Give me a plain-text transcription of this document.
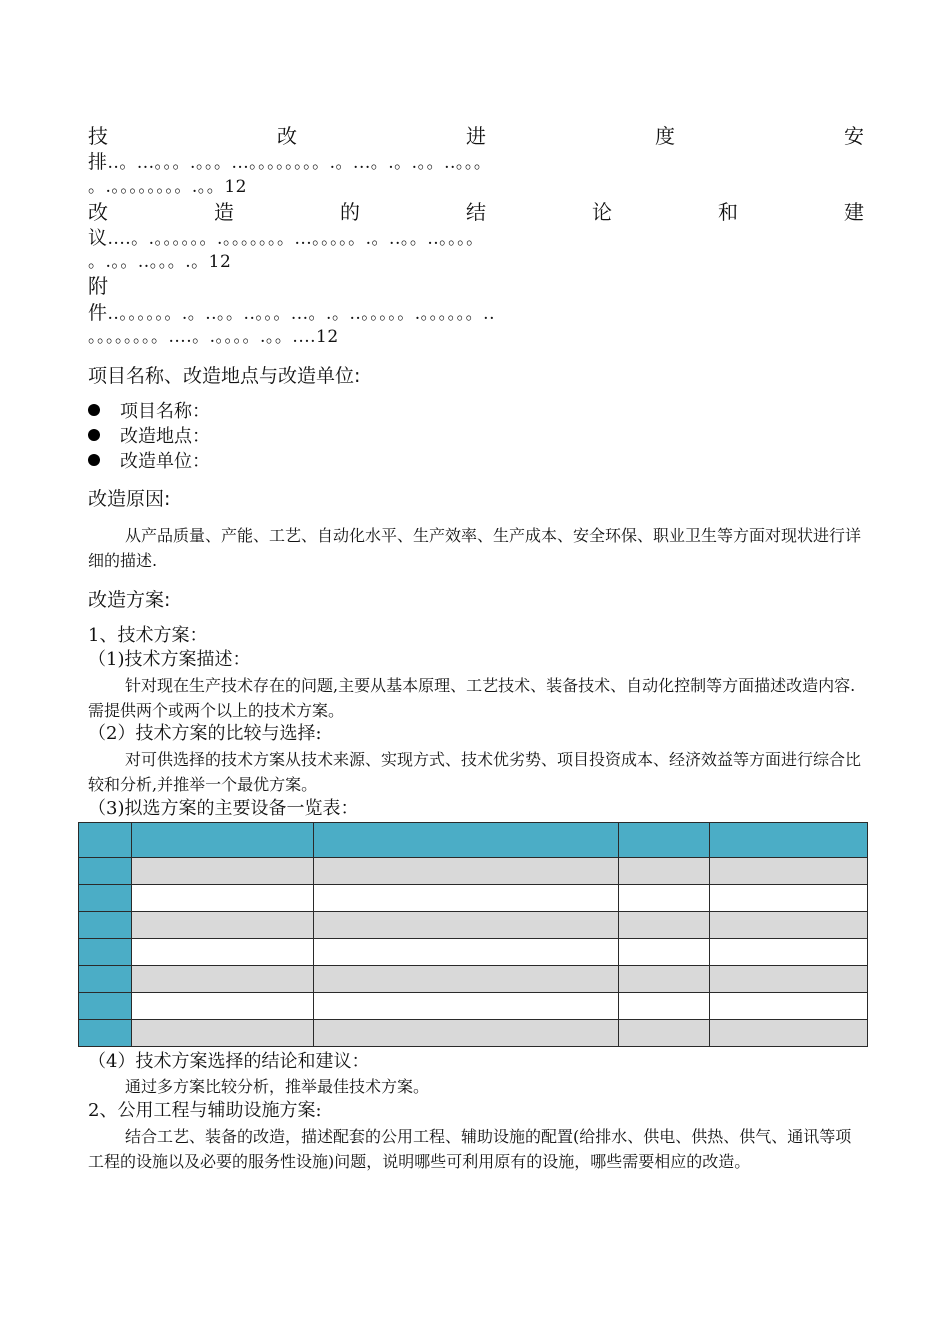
技	改	进	度	安
排..。...。。。.。。。...。。。。。。。。.。...。.。.。。..。。。
。.。。。。。。。。.。。12
改	造	的	结	论	和	建
议....。.。。。。。。.。。。。。。。...。。。。。.。..。。..。。。。
。.。。..。。。.。12
附
件..。。。。。。.。..。。..。。。...。.。..。。。。。.。。。。。。..
。。。。。。。。....。.。。。。.。。....12
项目名称、改造地点与改造单位:
项目名称：
改造地点：
改造单位：
改造原因:
从产品质量、产能、工艺、自动化水平、生产效率、生产成本、安全环保、职业卫生等方面对现状进行详细的描述.
改造方案:
1、技术方案：
（1)技术方案描述：
针对现在生产技术存在的问题,主要从基本原理、工艺技术、装备技术、自动化控制等方面描述改造内容.需提供两个或两个以上的技术方案。
（2）技术方案的比较与选择:
对可供选择的技术方案从技术来源、实现方式、技术优劣势、项目投资成本、经济效益等方面进行综合比较和分析,并推举一个最优方案。
（3)拟选方案的主要设备一览表：

（4）技术方案选择的结论和建议：
通过多方案比较分析，推举最佳技术方案。
2、公用工程与辅助设施方案:
结合工艺、装备的改造，描述配套的公用工程、辅助设施的配置(给排水、供电、供热、供气、通讯等项工程的设施以及必要的服务性设施)问题，说明哪些可利用原有的设施，哪些需要相应的改造。
